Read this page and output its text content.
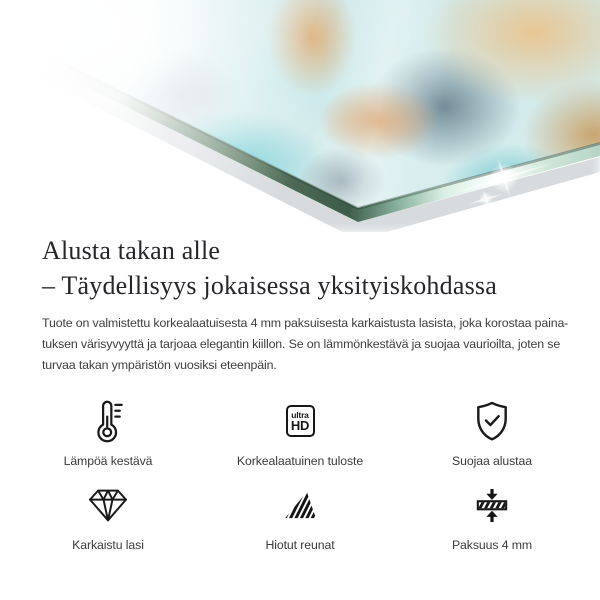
Alusta takan alle
– Täydellisyys jokaisessa yksityiskohdassa
Tuote on valmistettu korkealaatuisesta 4 mm paksuisesta karkaistusta lasista, joka korostaa paina-
tuksen värisyvyyttä ja tarjoaa elegantin kiillon. Se on lämmönkestävä ja suojaa vaurioilta, joten se
turvaa takan ympäristön vuosiksi eteenpäin.
Lämpöä kestävä
ultra
HD
Korkealaatuinen tuloste	Suojaa alustaa
Karkaistu lasi	Hiotut reunat	Paksuus 4 mm
